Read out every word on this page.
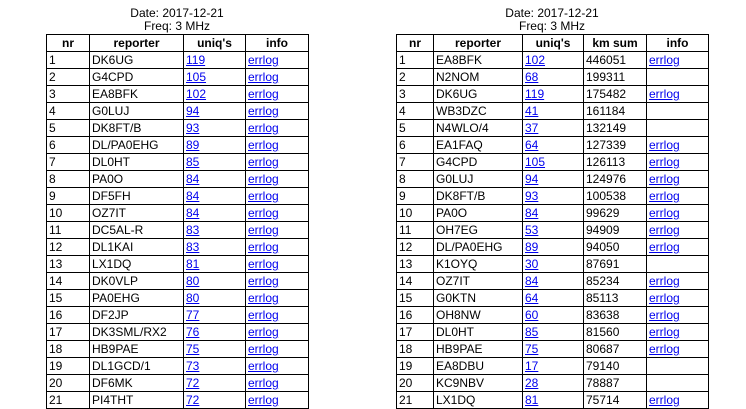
Date: 2017-12-21
Freq: 3 MHz
nr	reporter	uniq's	info
1	DK6UG	119	errlog
2	G4CPD	105	errlog
3	EA8BFK	102	errlog
4	G0LUJ	94	errlog
5	DK8FT/B	93	errlog
6	DL/PA0EHG	89	errlog
7	DL0HT	85	errlog
8	PA0O	84	errlog
9	DF5FH	84	errlog
10	OZ7IT	84	errlog
11	DC5AL-R	83	errlog
12	DL1KAI	83	errlog
13	LX1DQ	81	errlog
14	DK0VLP	80	errlog
15	PA0EHG	80	errlog
16	DF2JP	77	errlog
17	DK3SML/RX2	76	errlog
18	HB9PAE	75	errlog
19	DL1GCD/1	73	errlog
20	DF6MK	72	errlog
21	PI4THT	72	errlog
Date: 2017-12-21
Freq: 3 MHz
nr	reporter	uniq's	km sum	info
1	EA8BFK	102	446051	errlog
2	N2NOM	68	199311	
3	DK6UG	119	175482	errlog
4	WB3DZC	41	161184	
5	N4WLO/4	37	132149	
6	EA1FAQ	64	127339	errlog
7	G4CPD	105	126113	errlog
8	G0LUJ	94	124976	errlog
9	DK8FT/B	93	100538	errlog
10	PA0O	84	99629	errlog
11	OH7EG	53	94909	errlog
12	DL/PA0EHG	89	94050	errlog
13	K1OYQ	30	87691	
14	OZ7IT	84	85234	errlog
15	G0KTN	64	85113	errlog
16	OH8NW	60	83638	errlog
17	DL0HT	85	81560	errlog
18	HB9PAE	75	80687	errlog
19	EA8DBU	17	79140	
20	KC9NBV	28	78887	
21	LX1DQ	81	75714	errlog
